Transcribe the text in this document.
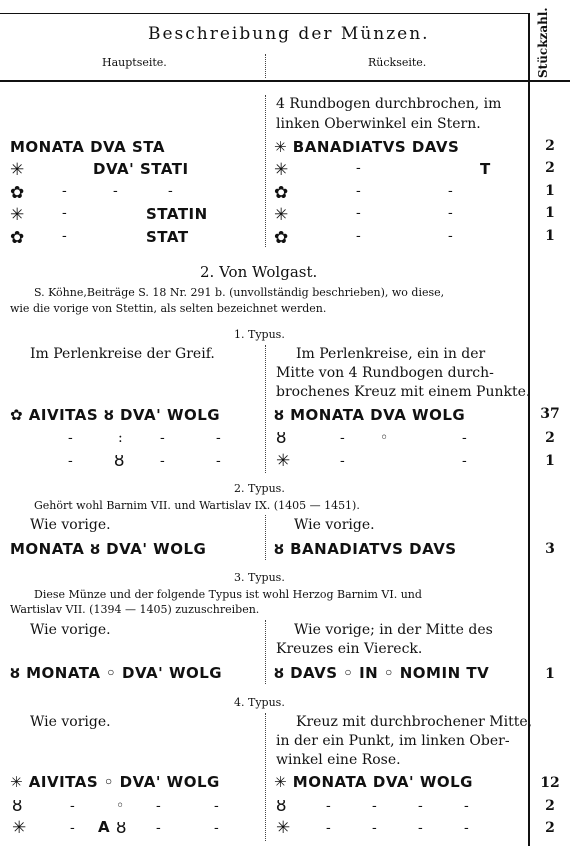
Beschreibung der Münzen.
Hauptseite.	Rückseite.	Stückzahl.
4 Rundbogen durchbrochen, im
linken Oberwinkel ein Stern.
MONATA DVA STA	✳ BANADIATVS DAVS	2
✳	DVA' STATI	✳	-	T	2
✿	-	-	-	✿	-	-	1
✳	-	STATIN	✳	-	-	1
✿	-	STAT	✿	-	-	1
2. Von Wolgast.
S. Köhne,Beiträge S. 18 Nr. 291 b. (unvollständig beschrieben), wo diese,
wie die vorige von Stettin, als selten bezeichnet werden.
1. Typus.
Im Perlenkreise der Greif.	Im Perlenkreise, ein in der
Mitte von 4 Rundbogen durch-
brochenes Kreuz mit einem Punkte.
✿ AIVITAS ȣ DVA' WOLG	ȣ MONATA DVA WOLG	37
-	:	-	-	ȣ	-	◦	-	2
- ȣ	-	-	✳	-	-	1
2. Typus.
Gehört wohl Barnim VII. und Wartislav IX. (1405 — 1451).
Wie vorige.	Wie vorige.
MONATA ȣ DVA' WOLG	ȣ BANADIATVS DAVS	3
3. Typus.
Diese Münze und der folgende Typus ist wohl Herzog Barnim VI. und
Wartislav VII. (1394 — 1405) zuzuschreiben.
Wie vorige.	Wie vorige; in der Mitte des
Kreuzes ein Viereck.
ȣ MONATA ◦ DVA' WOLG	ȣ DAVS ◦ IN ◦ NOMIN TV	1
4. Typus.
Wie vorige.	Kreuz mit durchbrochener Mitte,
in der ein Punkt, im linken Ober-
winkel eine Rose.
✳ AIVITAS ◦ DVA' WOLG	✳ MONATA DVA' WOLG	12
ȣ	-	◦ -	-	ȣ	-	-	-	-	2
✳	- A ȣ -	-	✳	-	-	-	-	2
